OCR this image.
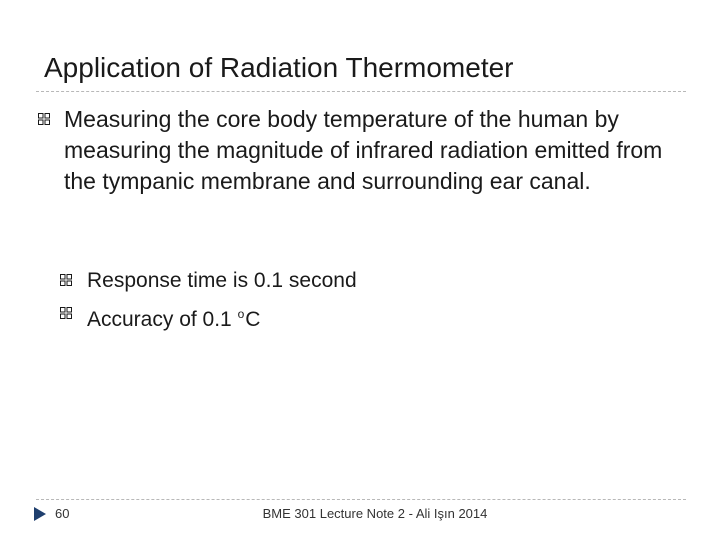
Application of Radiation Thermometer
Measuring the core body temperature of the human by measuring the magnitude of infrared radiation emitted from the tympanic membrane and surrounding ear canal.
Response time is 0.1 second
Accuracy of 0.1 $^o$C
60	BME 301 Lecture Note 2 - Ali Işın 2014
